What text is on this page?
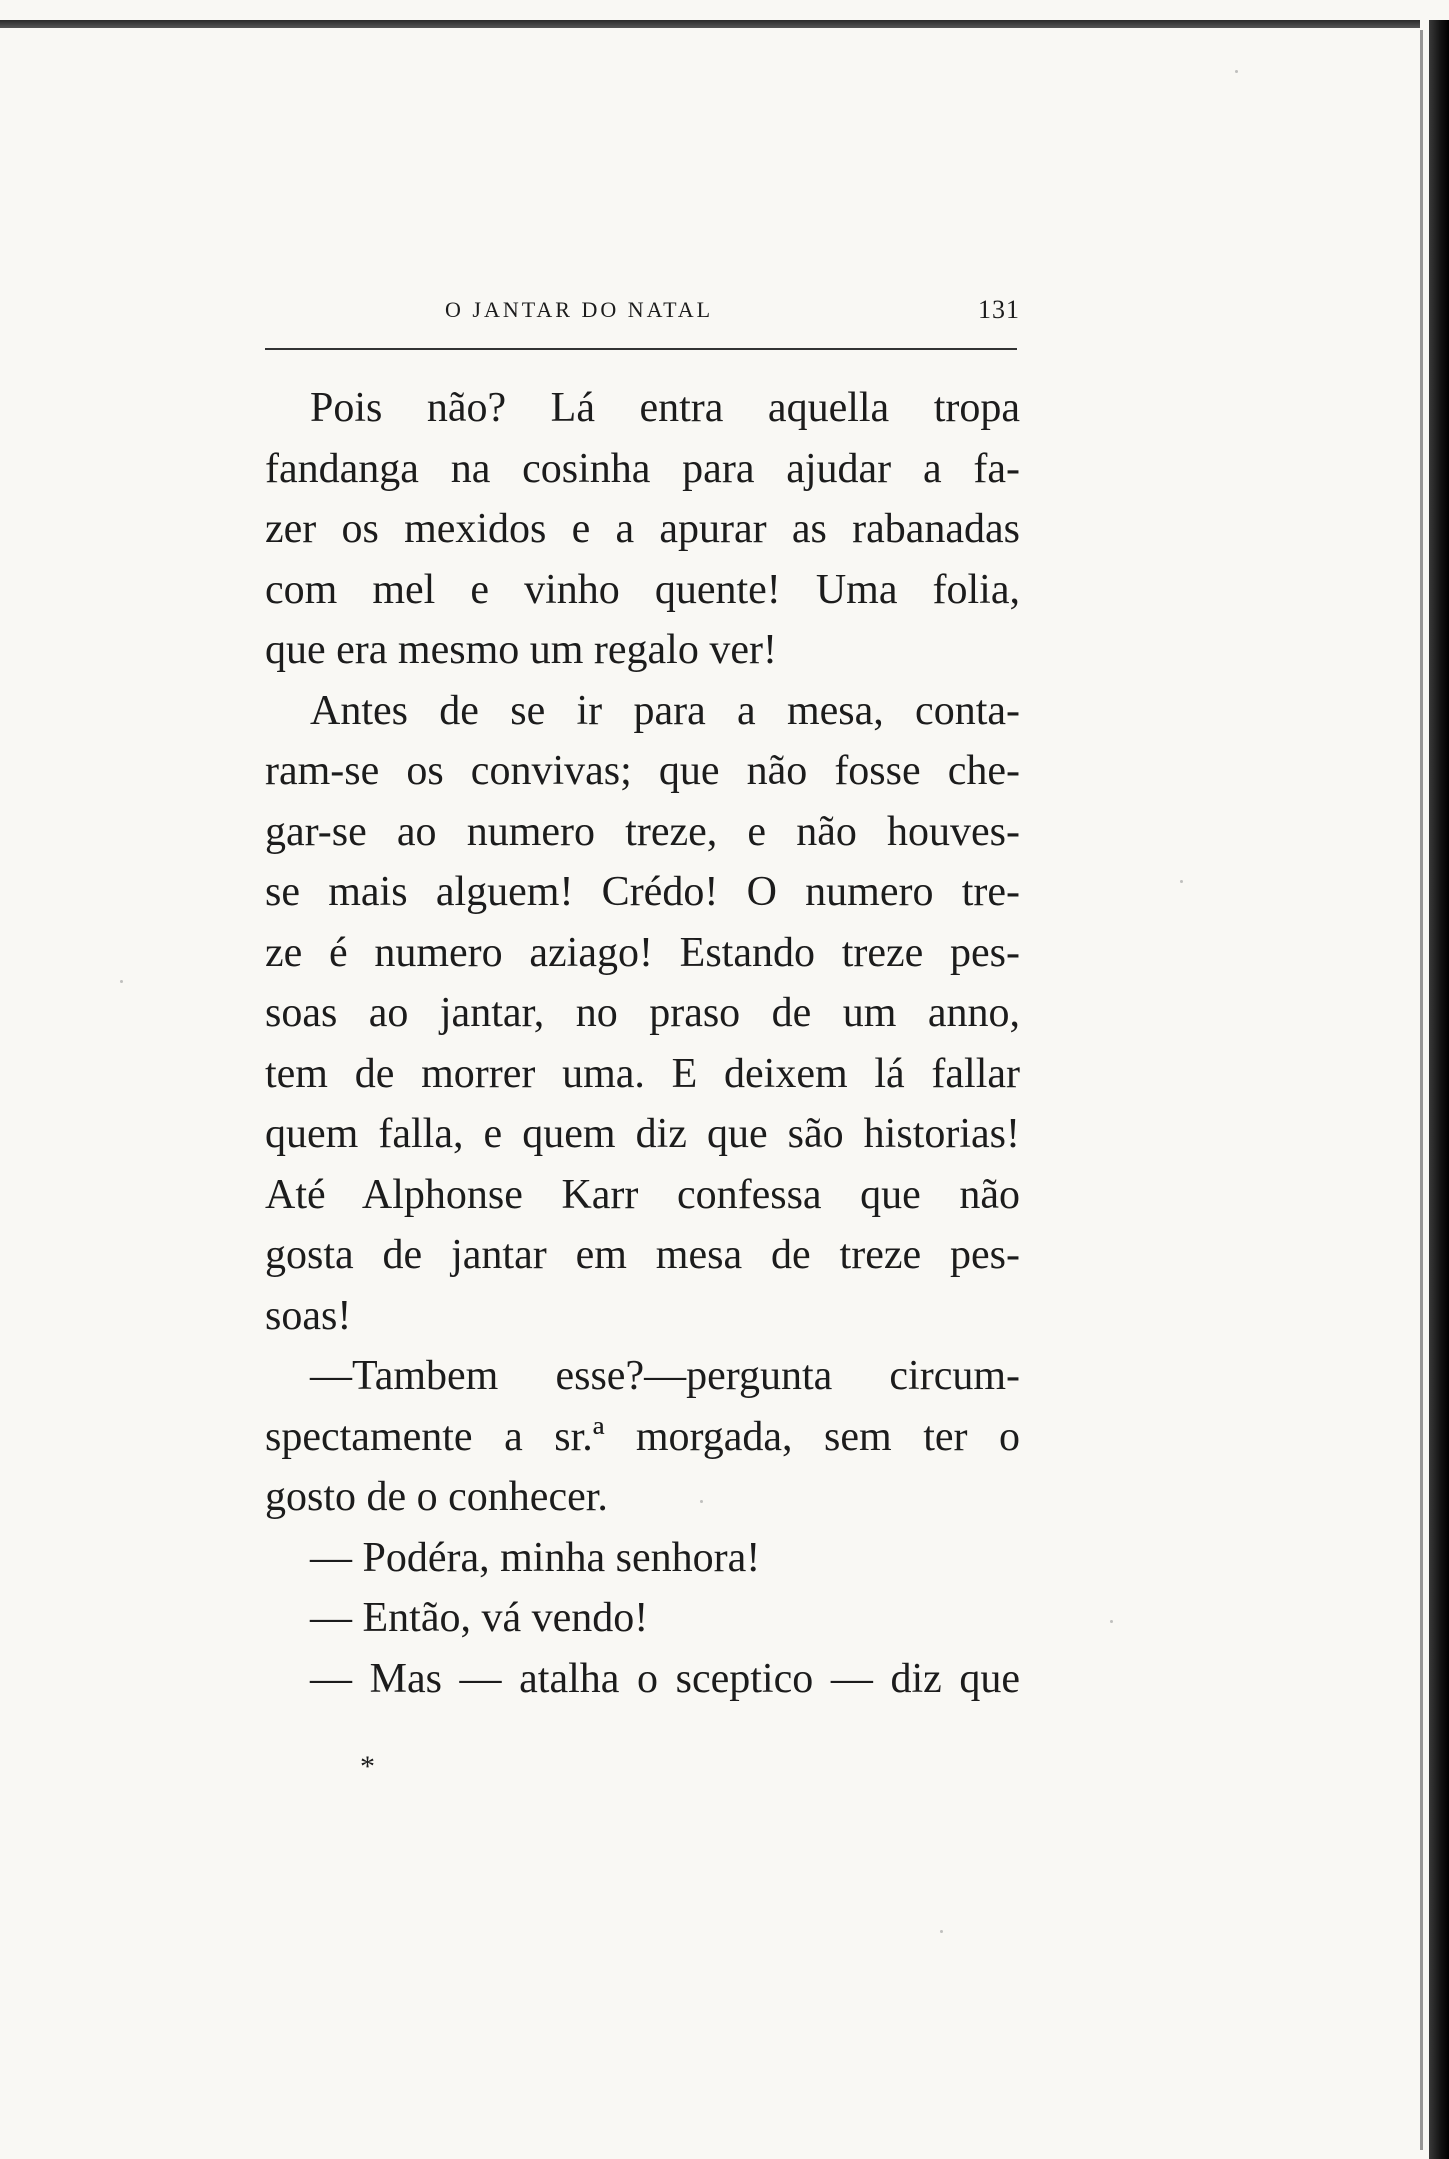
O JANTAR DO NATAL	131
Pois não? Lá entra aquella tropa
fandanga na cosinha para ajudar a fa-
zer os mexidos e a apurar as rabanadas
com mel e vinho quente! Uma folia,
que era mesmo um regalo ver!
Antes de se ir para a mesa, conta-
ram-se os convivas; que não fosse che-
gar-se ao numero treze, e não houves-
se mais alguem! Crédo! O numero tre-
ze é numero aziago! Estando treze pes-
soas ao jantar, no praso de um anno,
tem de morrer uma. E deixem lá fallar
quem falla, e quem diz que são historias!
Até Alphonse Karr confessa que não
gosta de jantar em mesa de treze pes-
soas!
—Tambem esse?—pergunta circum-
spectamente a sr.ª morgada, sem ter o
gosto de o conhecer.
— Podéra, minha senhora!
— Então, vá vendo!
— Mas — atalha o sceptico — diz que
*
